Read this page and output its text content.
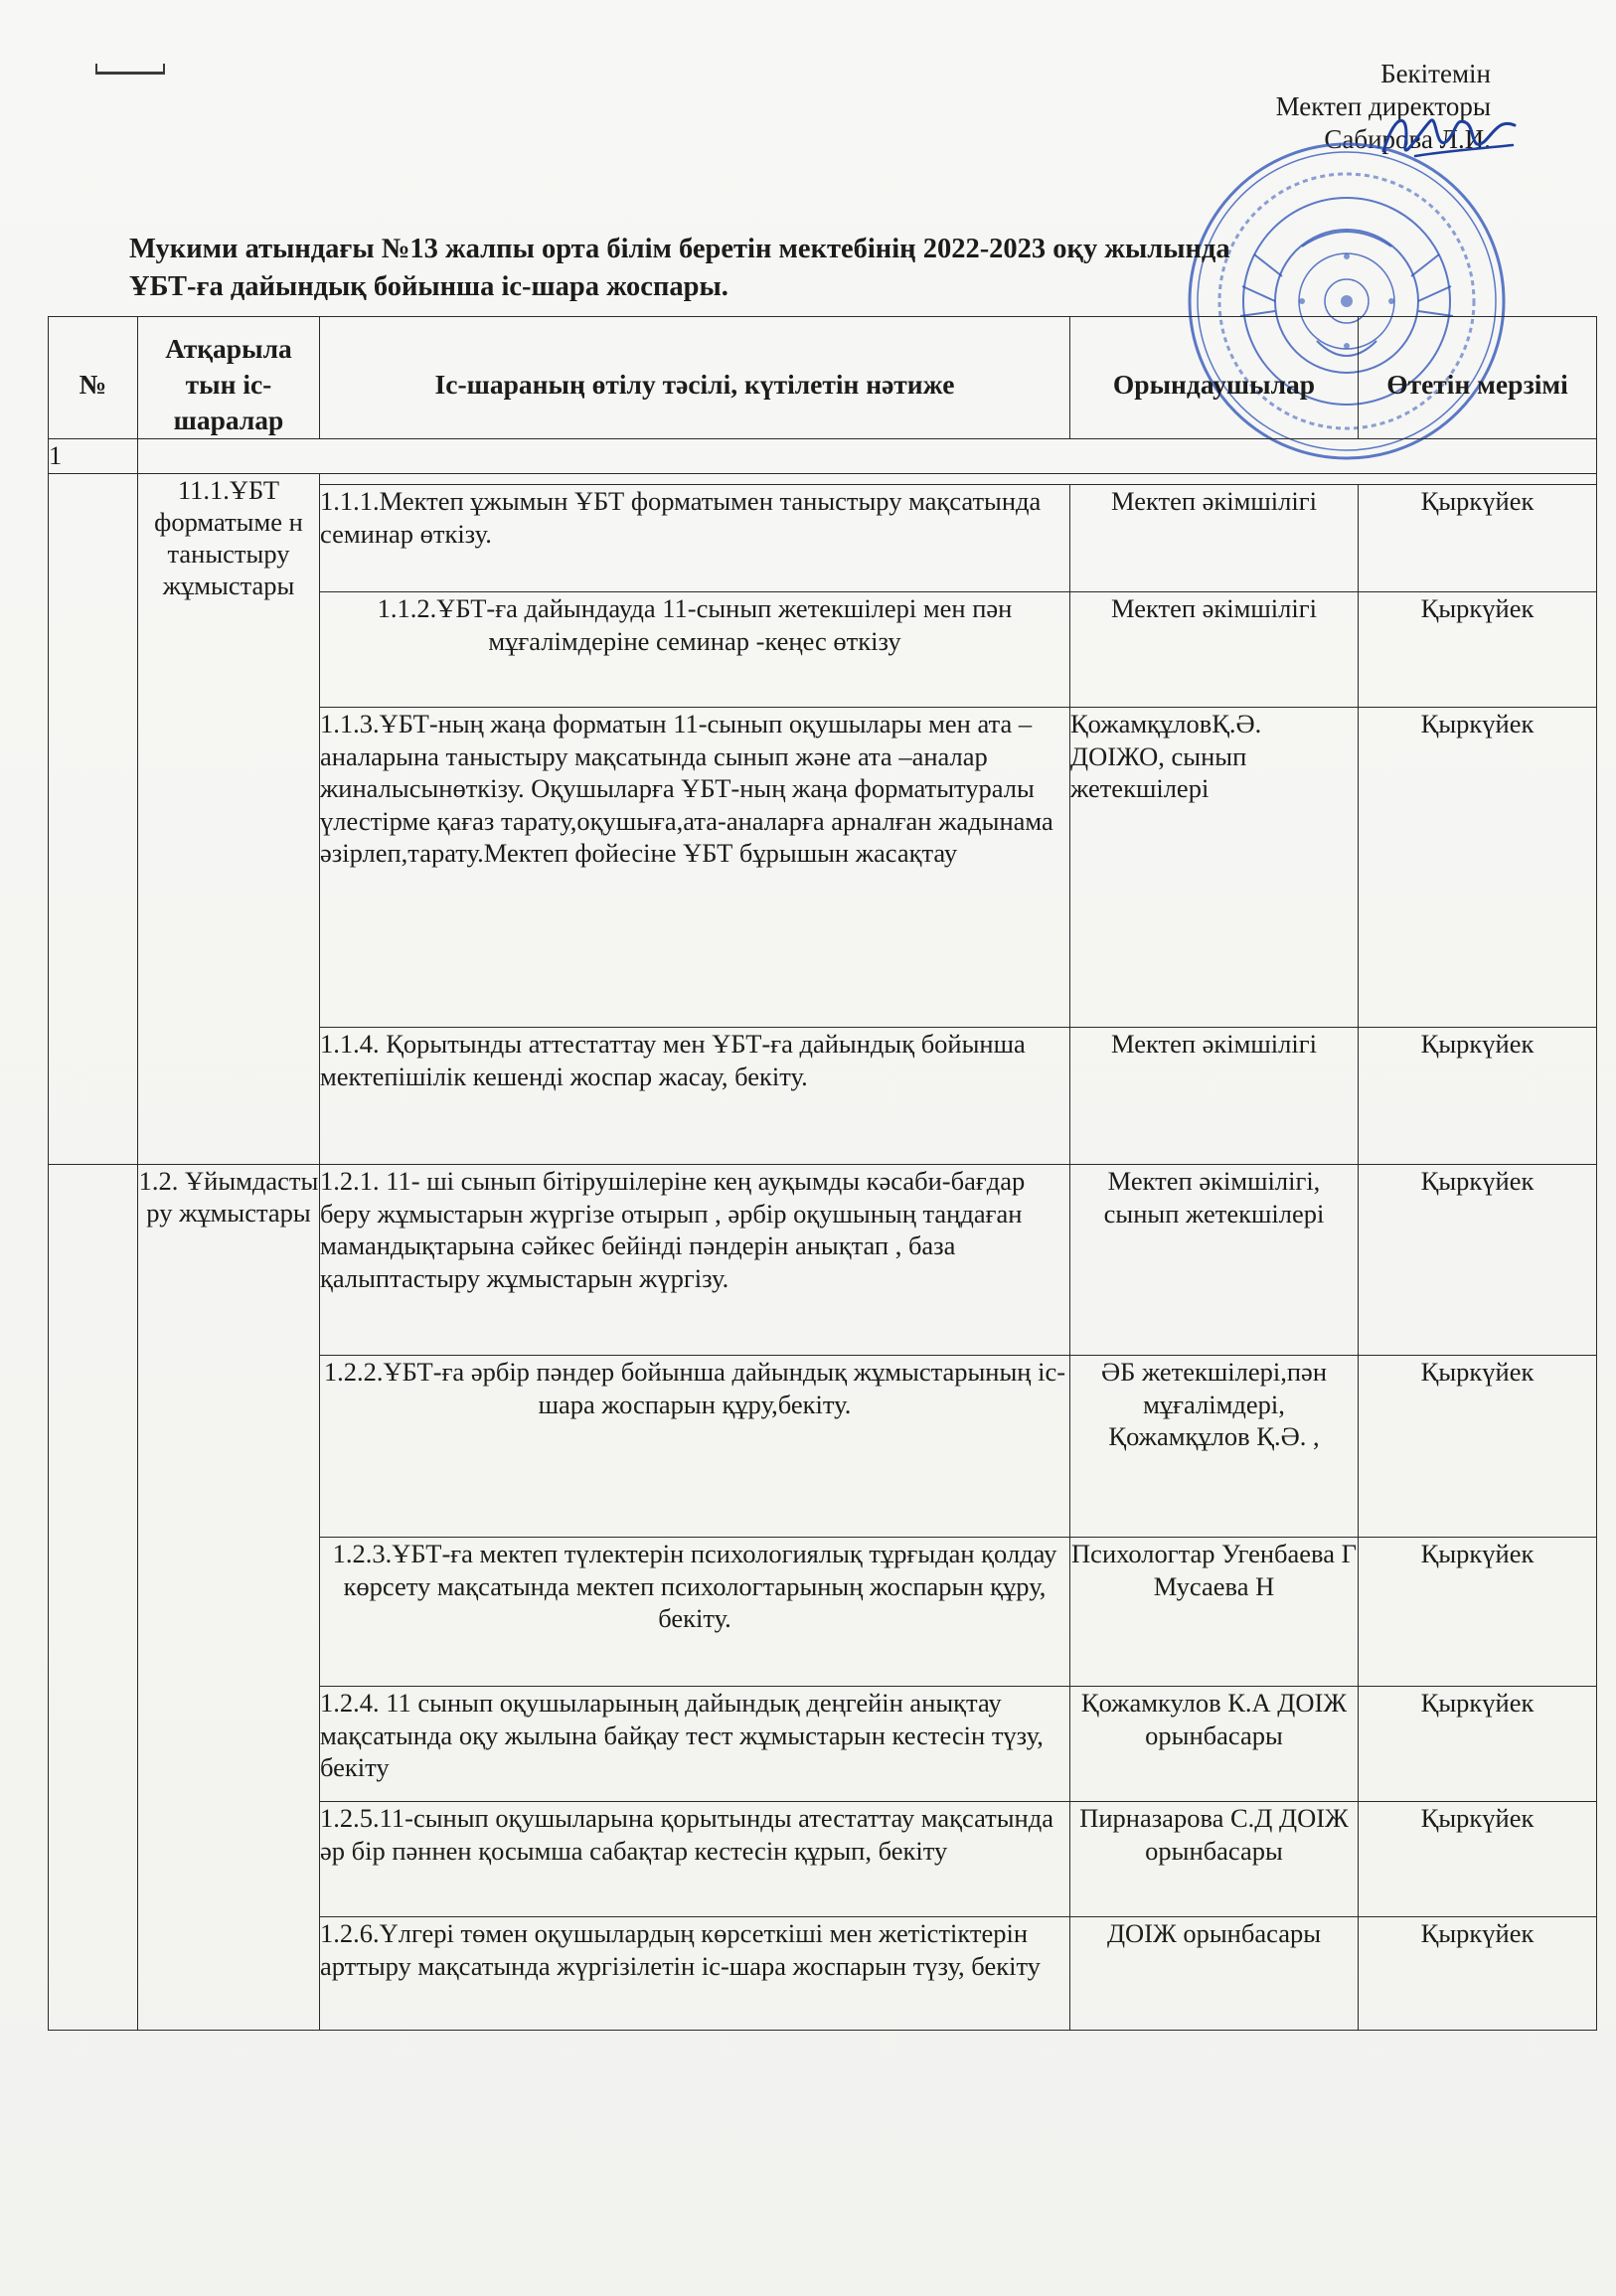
Бекітемін
Мектеп директоры
Сабирова Л.И.
Мукими атындағы №13 жалпы орта білім беретін мектебінің 2022-2023 оқу жылында
ҰБТ-ға дайындық бойынша іс-шара жоспары.
№	Атқарыла тын іс-шаралар	Іс-шараның өтілу тәсілі, күтілетін нәтиже	Орындаушылар	Өтетін мерзімі
1				
	11.1.ҰБТ форматыме н таныстыру жұмыстары			
		1.1.1.Мектеп ұжымын ҰБТ форматымен таныстыру мақсатында семинар өткізу.	Мектеп әкімшілігі	Қыркүйек
		1.1.2.ҰБТ-ға дайындауда 11-сынып жетекшілері мен пән мұғалімдеріне семинар -кеңес өткізу	Мектеп әкімшілігі	Қыркүйек
		1.1.3.ҰБТ-ның жаңа форматын 11-сынып оқушылары мен ата –аналарына таныстыру мақсатында сынып және ата –аналар жиналысынөткізу. Оқушыларға ҰБТ-ның жаңа форматытуралы үлестірме қағаз тарату,оқушыға,ата-аналарға арналған жадынама әзірлеп,тарату.Мектеп фойесіне ҰБТ бұрышын жасақтау	ҚожамқұловҚ.Ә. ДОІЖО, сынып жетекшілері	Қыркүйек
		1.1.4. Қорытынды аттестаттау мен ҰБТ-ға дайындық бойынша мектепішілік кешенді жоспар жасау, бекіту.	Мектеп әкімшілігі	Қыркүйек
	1.2. Ұйымдасты ру жұмыстары	1.2.1. 11- ші сынып бітірушілеріне кең ауқымды кәсаби-бағдар беру жұмыстарын жүргізе отырып , әрбір оқушының таңдаған мамандықтарына сәйкес бейінді пәндерін анықтап , база қалыптастыру жұмыстарын жүргізу.	Мектеп әкімшілігі, сынып жетекшілері	Қыркүйек
		1.2.2.ҰБТ-ға әрбір пәндер бойынша дайындық жұмыстарының іс-шара жоспарын құру,бекіту.	ӘБ жетекшілері,пән мұғалімдері, Қожамқұлов Қ.Ә. ,	Қыркүйек
		1.2.3.ҰБТ-ға мектеп түлектерін психологиялық тұрғыдан қолдау көрсету мақсатында мектеп психологтарының жоспарын құру, бекіту.	Психологтар Угенбаева Г Мусаева Н	Қыркүйек
		1.2.4. 11 сынып оқушыларының дайындық деңгейін анықтау мақсатында оқу жылына байқау тест жұмыстарын кестесін түзу, бекіту	Қожамкулов К.А ДОІЖ орынбасары	Қыркүйек
		1.2.5.11-сынып оқушыларына қорытынды атестаттау мақсатында әр бір пәннен қосымша сабақтар кестесін құрып, бекіту	Пирназарова С.Д ДОІЖ орынбасары	Қыркүйек
		1.2.6.Үлгері төмен оқушылардың көрсеткіші мен жетістіктерін арттыру мақсатында жүргізілетін іс-шара жоспарын түзу, бекіту	ДОІЖ орынбасары	Қыркүйек
